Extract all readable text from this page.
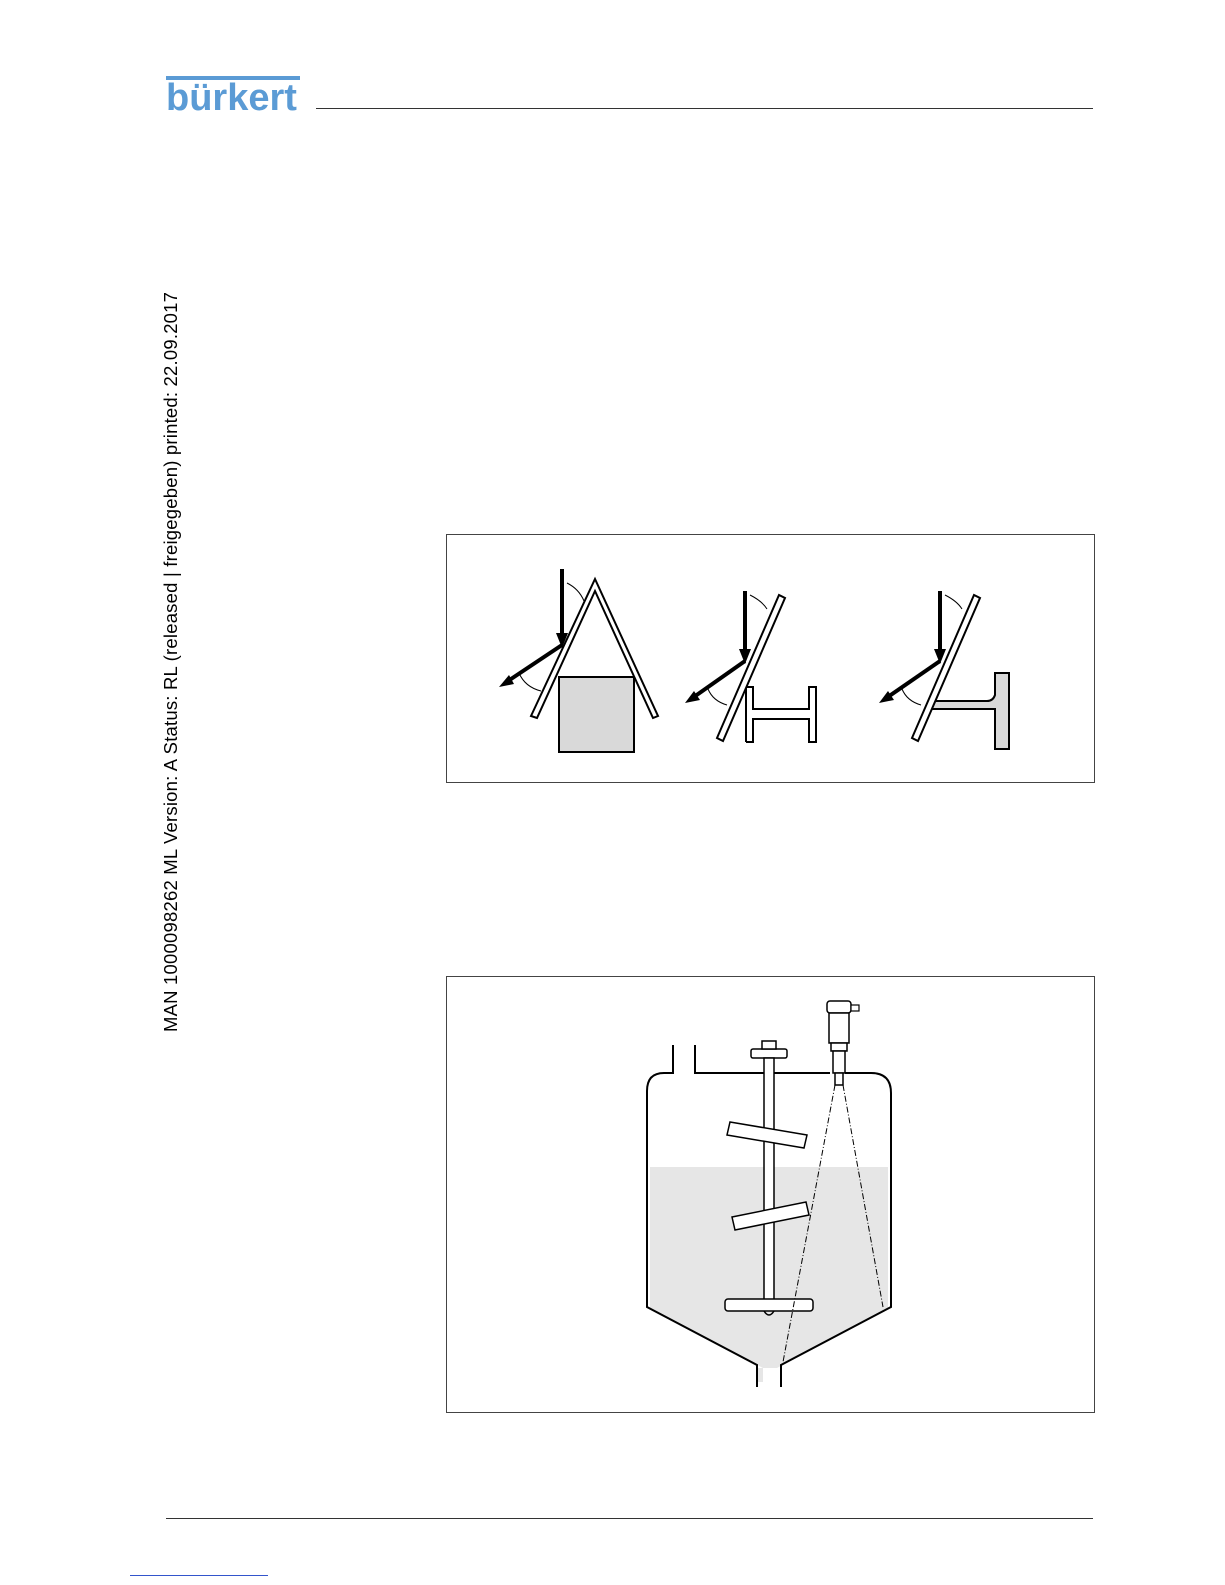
bürkert
MAN 1000098262 ML Version: A Status: RL (released | freigegeben) printed: 22.09.2017
